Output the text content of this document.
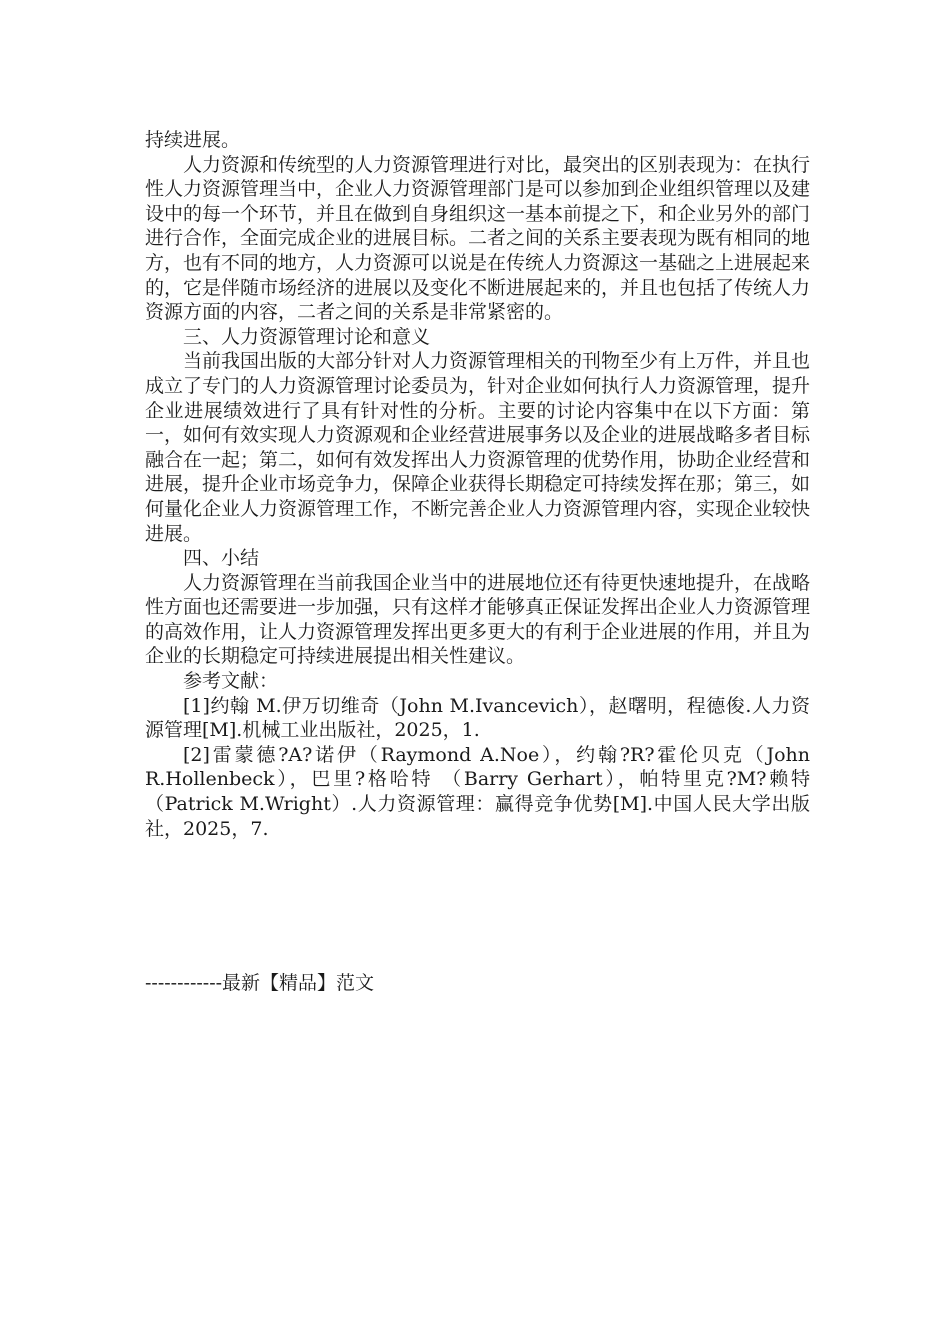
持续进展。

人力资源和传统型的人力资源管理进行对比，最突出的区别表现为：在执行性人力资源管理当中，企业人力资源管理部门是可以参加到企业组织管理以及建设中的每一个环节，并且在做到自身组织这一基本前提之下，和企业另外的部门进行合作，全面完成企业的进展目标。二者之间的关系主要表现为既有相同的地方，也有不同的地方，人力资源可以说是在传统人力资源这一基础之上进展起来的，它是伴随市场经济的进展以及变化不断进展起来的，并且也包括了传统人力资源方面的内容，二者之间的关系是非常紧密的。

三、人力资源管理讨论和意义

当前我国出版的大部分针对人力资源管理相关的刊物至少有上万件，并且也成立了专门的人力资源管理讨论委员为，针对企业如何执行人力资源管理，提升企业进展绩效进行了具有针对性的分析。主要的讨论内容集中在以下方面：第一，如何有效实现人力资源观和企业经营进展事务以及企业的进展战略多者目标融合在一起；第二，如何有效发挥出人力资源管理的优势作用，协助企业经营和进展，提升企业市场竞争力，保障企业获得长期稳定可持续发挥在那；第三，如何量化企业人力资源管理工作，不断完善企业人力资源管理内容，实现企业较快进展。

四、小结

人力资源管理在当前我国企业当中的进展地位还有待更快速地提升，在战略性方面也还需要进一步加强，只有这样才能够真正保证发挥出企业人力资源管理的高效作用，让人力资源管理发挥出更多更大的有利于企业进展的作用，并且为企业的长期稳定可持续进展提出相关性建议。

参考文献：

[1]约翰 M.伊万切维奇（John M.Ivancevich），赵曙明，程德俊.人力资源管理[M].机械工业出版社，2025，1.

[2]雷蒙德?A?诺伊（Raymond A.Noe），约翰?R?霍伦贝克（John R.Hollenbeck），巴里?格哈特 （Barry Gerhart），帕特里克?M?赖特（Patrick M.Wright）.人力资源管理：赢得竞争优势[M].中国人民大学出版社，2025，7.

------------最新【精品】范文
